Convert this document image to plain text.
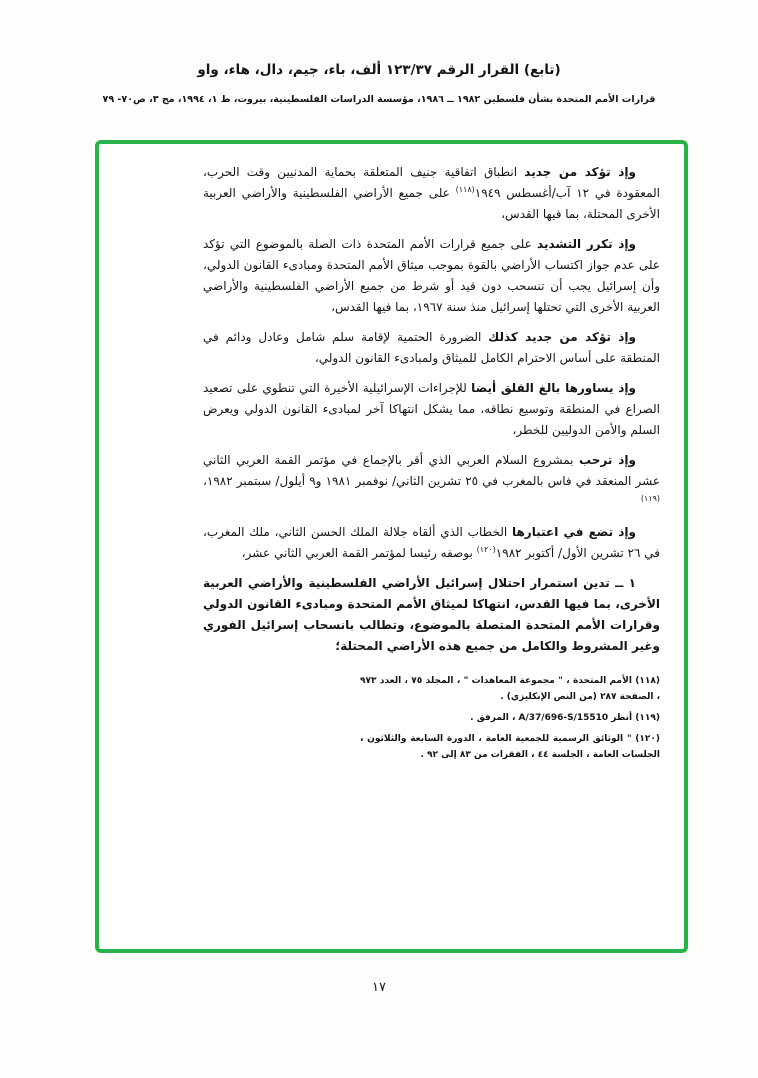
(تابع) القرار الرقم ١٢٣/٣٧ ألف، باء، جيم، دال، هاء، واو
قرارات الأمم المتحدة بشأن فلسطين ١٩٨٢ ــ ١٩٨٦، مؤسسة الدراسات الفلسطينية، بيروت، ط ١، ١٩٩٤، مج ٣، ص٧٠- ٧٩

وإذ تؤكد من جديد انطباق اتفاقية جنيف المتعلقة بحماية المدنيين وقت الحرب، المعقودة في ١٢ آب/أغسطس ١٩٤٩$^{(١١٨)}$ على جميع الأراضي الفلسطينية والأراضي العربية الأخرى المحتلة، بما فيها القدس،

وإذ تكرر التشديد على جميع قرارات الأمم المتحدة ذات الصلة بالموضوع التي تؤكد على عدم جواز اكتساب الأراضي بالقوة بموجب ميثاق الأمم المتحدة ومبادىء القانون الدولي، وأن إسرائيل يجب أن تنسحب دون قيد أو شرط من جميع الأراضي الفلسطينية والأراضي العربية الأخرى التي تحتلها إسرائيل منذ سنة ١٩٦٧، بما فيها القدس،

وإذ تؤكد من جديد كذلك الضرورة الحتمية لإقامة سلم شامل وعادل ودائم في المنطقة على أساس الاحترام الكامل للميثاق ولمبادىء القانون الدولي،

وإذ يساورها بالغ القلق أيضا للإجراءات الإسرائيلية الأخيرة التي تنطوي على تصعيد الصراع في المنطقة وتوسيع نطاقه، مما يشكل انتهاكا آخر لمبادىء القانون الدولي ويعرض السلم والأمن الدوليين للخطر،

وإذ ترحب بمشروع السلام العربي الذي أقر بالإجماع في مؤتمر القمة العربي الثاني عشر المنعقد في فاس بالمغرب في ٢٥ تشرين الثاني/ نوفمبر ١٩٨١ و٩ أيلول/ سبتمبر ١٩٨٢،$^{(١١٩)}$

وإذ تضع في اعتبارها الخطاب الذي ألقاه جلالة الملك الحسن الثاني، ملك المغرب، في ٢٦ تشرين الأول/ أكتوبر ١٩٨٢$^{(١٢٠)}$ بوصفه رئيسا لمؤتمر القمة العربي الثاني عشر،

١ ــ تدين استمرار احتلال إسرائيل الأراضي الفلسطينية والأراضي العربية الأخرى، بما فيها القدس، انتهاكا لميثاق الأمم المتحدة ومبادىء القانون الدولي وقرارات الأمم المتحدة المتصلة بالموضوع، وتطالب بانسحاب إسرائيل الفوري وغير المشروط والكامل من جميع هذه الأراضي المحتلة؛

(١١٨) الأمم المتحدة ، " مجموعة المعاهدات " ، المجلد ٧٥ ، العدد ٩٧٣ ، الصفحة ٢٨٧ (من النص الإنكليزي) .

(١١٩) أنظر A/37/696-S/15510 ، المرفق .

(١٢٠) " الوثائق الرسمية للجمعية العامة ، الدورة السابعة والثلاثون ، الجلسات العامة ، الجلسة ٤٤ ، الفقرات من ٨٣ إلى ٩٢ .

١٧
